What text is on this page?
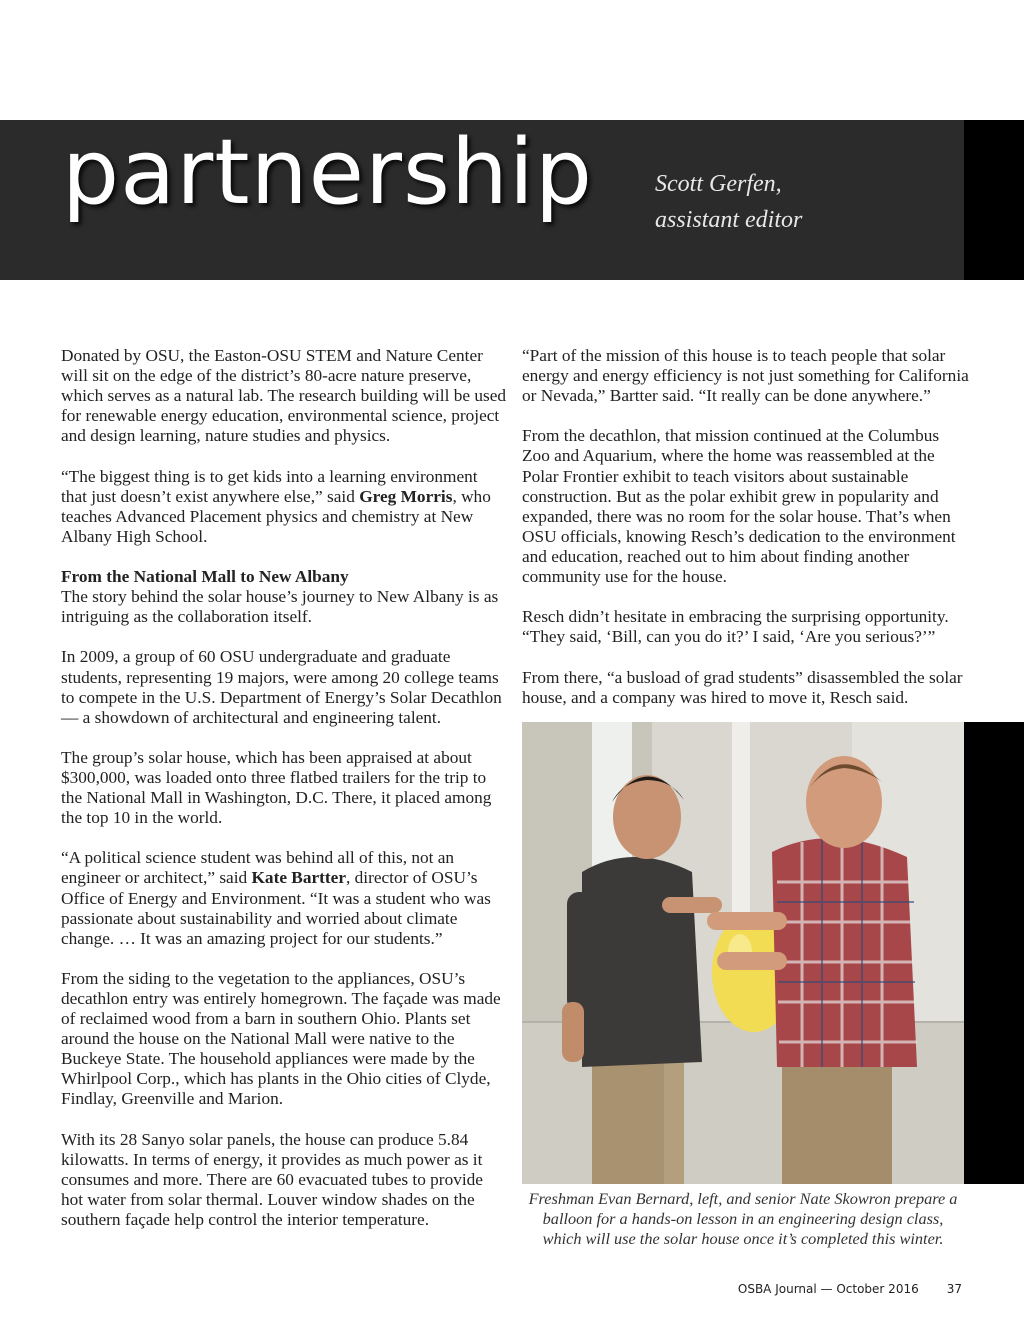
partnership	Scott Gerfen,
assistant editor

Donated by OSU, the Easton-OSU STEM and Nature Center will sit on the edge of the district’s 80-acre nature preserve, which serves as a natural lab. The research building will be used for renewable energy education, environmental science, project and design learning, nature studies and physics.

“The biggest thing is to get kids into a learning environment that just doesn’t exist anywhere else,” said Greg Morris, who teaches Advanced Placement physics and chemistry at New Albany High School.

From the National Mall to New Albany

The story behind the solar house’s journey to New Albany is as intriguing as the collaboration itself.

In 2009, a group of 60 OSU undergraduate and graduate students, representing 19 majors, were among 20 college teams to compete in the U.S. Department of Energy’s Solar Decathlon — a showdown of architectural and engineering talent.

The group’s solar house, which has been appraised at about $300,000, was loaded onto three flatbed trailers for the trip to the National Mall in Washington, D.C. There, it placed among the top 10 in the world.

“A political science student was behind all of this, not an engineer or architect,” said Kate Bartter, director of OSU’s Office of Energy and Environment. “It was a student who was passionate about sustainability and worried about climate change. … It was an amazing project for our students.”

From the siding to the vegetation to the appliances, OSU’s decathlon entry was entirely homegrown. The façade was made of reclaimed wood from a barn in southern Ohio. Plants set around the house on the National Mall were native to the Buckeye State. The household appliances were made by the Whirlpool Corp., which has plants in the Ohio cities of Clyde, Findlay, Greenville and Marion.

With its 28 Sanyo solar panels, the house can produce 5.84 kilowatts. In terms of energy, it provides as much power as it consumes and more. There are 60 evacuated tubes to provide hot water from solar thermal. Louver window shades on the southern façade help control the interior temperature.

“Part of the mission of this house is to teach people that solar energy and energy efficiency is not just something for California or Nevada,” Bartter said. “It really can be done anywhere.”

From the decathlon, that mission continued at the Columbus Zoo and Aquarium, where the home was reassembled at the Polar Frontier exhibit to teach visitors about sustainable construction. But as the polar exhibit grew in popularity and expanded, there was no room for the solar house. That’s when OSU officials, knowing Resch’s dedication to the environment and education, reached out to him about finding another community use for the house.

Resch didn’t hesitate in embracing the surprising opportunity. “They said, ‘Bill, can you do it?’ I said, ‘Are you serious?’”

From there, “a busload of grad students” disassembled the solar house, and a company was hired to move it, Resch said.

Freshman Evan Bernard, left, and senior Nate Skowron prepare a balloon for a hands-on lesson in an engineering design class, which will use the solar house once it’s completed this winter.
OSBA Journal — October 2016 37
